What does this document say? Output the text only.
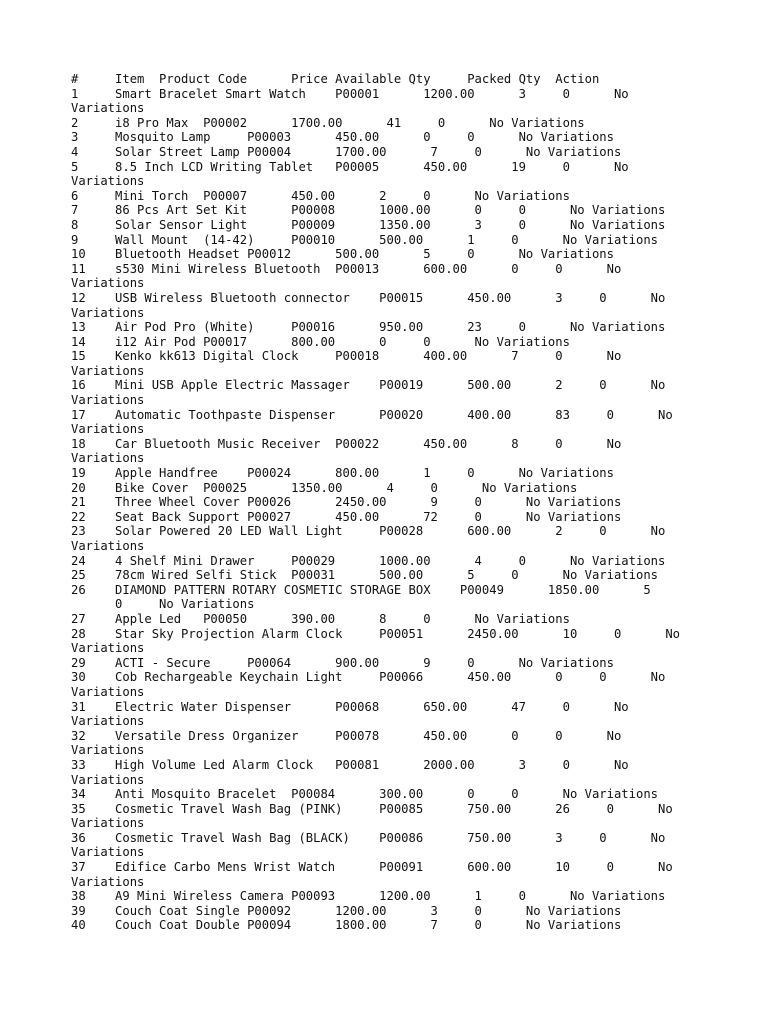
#     Item  Product Code      Price Available Qty     Packed Qty  Action
1     Smart Bracelet Smart Watch    P00001      1200.00      3     0      No
Variations
2     i8 Pro Max  P00002      1700.00      41     0      No Variations
3     Mosquito Lamp     P00003      450.00      0     0      No Variations
4     Solar Street Lamp P00004      1700.00      7     0      No Variations
5     8.5 Inch LCD Writing Tablet   P00005      450.00      19     0      No
Variations
6     Mini Torch  P00007      450.00      2     0      No Variations
7     86 Pcs Art Set Kit      P00008      1000.00      0     0      No Variations
8     Solar Sensor Light      P00009      1350.00      3     0      No Variations
9     Wall Mount  (14-42)     P00010      500.00      1     0      No Variations
10    Bluetooth Headset P00012      500.00      5     0      No Variations
11    s530 Mini Wireless Bluetooth  P00013      600.00      0     0      No
Variations
12    USB Wireless Bluetooth connector    P00015      450.00      3     0      No
Variations
13    Air Pod Pro (White)     P00016      950.00      23     0      No Variations
14    i12 Air Pod P00017      800.00      0     0      No Variations
15    Kenko kk613 Digital Clock     P00018      400.00      7     0      No
Variations
16    Mini USB Apple Electric Massager    P00019      500.00      2     0      No
Variations
17    Automatic Toothpaste Dispenser      P00020      400.00      83     0      No
Variations
18    Car Bluetooth Music Receiver  P00022      450.00      8     0      No
Variations
19    Apple Handfree    P00024      800.00      1     0      No Variations
20    Bike Cover  P00025      1350.00      4     0      No Variations
21    Three Wheel Cover P00026      2450.00      9     0      No Variations
22    Seat Back Support P00027      450.00      72     0      No Variations
23    Solar Powered 20 LED Wall Light     P00028      600.00      2     0      No
Variations
24    4 Shelf Mini Drawer     P00029      1000.00      4     0      No Variations
25    78cm Wired Selfi Stick  P00031      500.00      5     0      No Variations
26    DIAMOND PATTERN ROTARY COSMETIC STORAGE BOX    P00049      1850.00      5
0     No Variations
27    Apple Led   P00050      390.00      8     0      No Variations
28    Star Sky Projection Alarm Clock     P00051      2450.00      10     0      No
Variations
29    ACTI - Secure     P00064      900.00      9     0      No Variations
30    Cob Rechargeable Keychain Light     P00066      450.00      0     0      No
Variations
31    Electric Water Dispenser      P00068      650.00      47     0      No
Variations
32    Versatile Dress Organizer     P00078      450.00      0     0      No
Variations
33    High Volume Led Alarm Clock   P00081      2000.00      3     0      No
Variations
34    Anti Mosquito Bracelet  P00084      300.00      0     0      No Variations
35    Cosmetic Travel Wash Bag (PINK)     P00085      750.00      26     0      No
Variations
36    Cosmetic Travel Wash Bag (BLACK)    P00086      750.00      3     0      No
Variations
37    Edifice Carbo Mens Wrist Watch      P00091      600.00      10     0      No
Variations
38    A9 Mini Wireless Camera P00093      1200.00      1     0      No Variations
39    Couch Coat Single P00092      1200.00      3     0      No Variations
40    Couch Coat Double P00094      1800.00      7     0      No Variations
